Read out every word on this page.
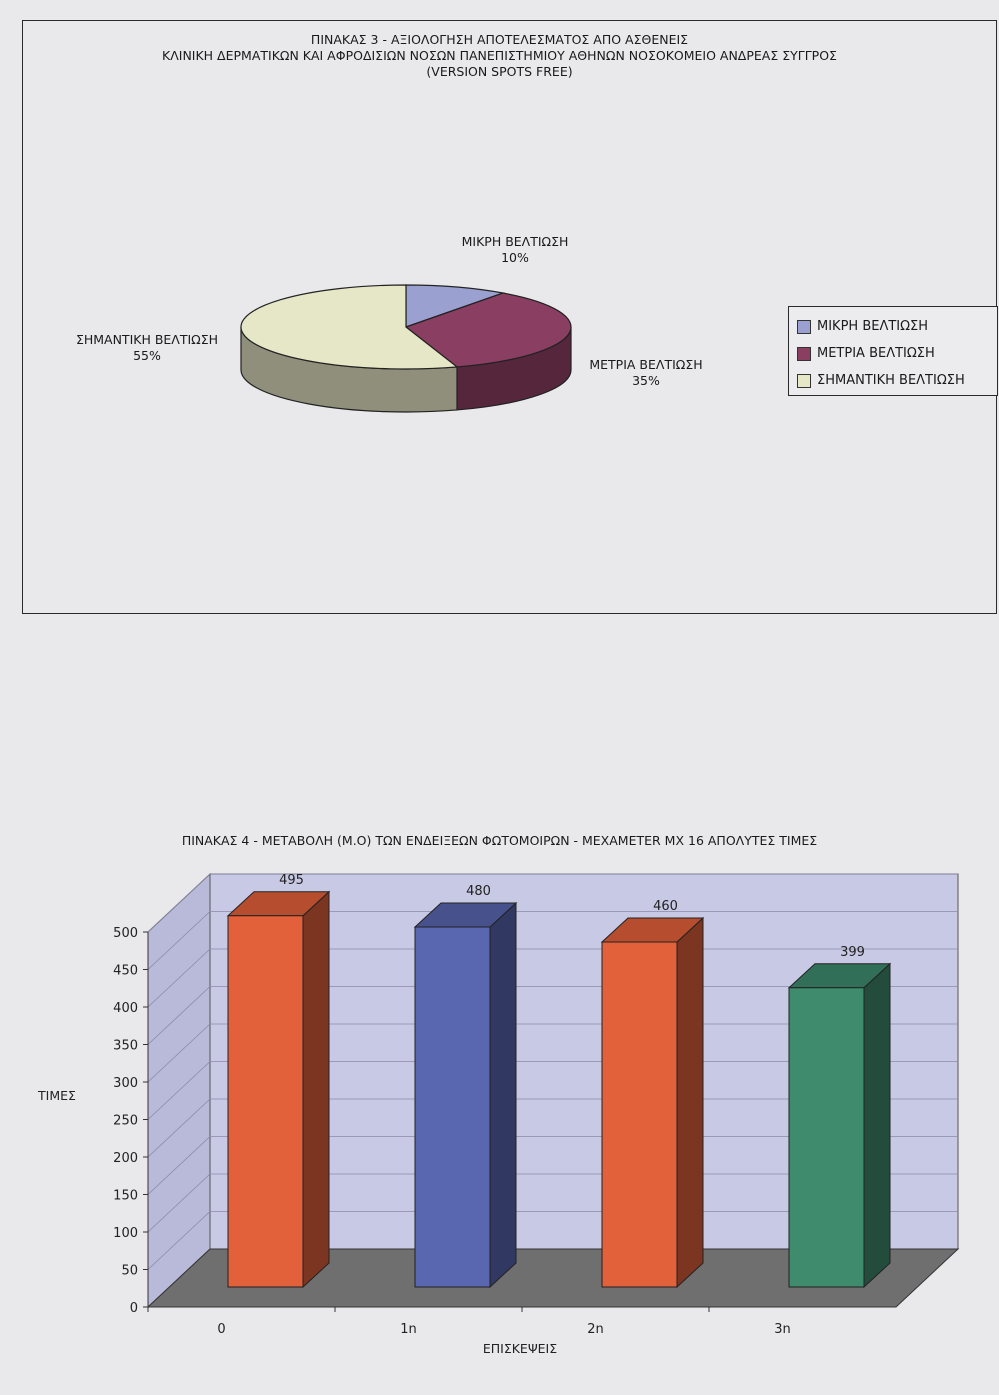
ΠΙΝΑΚΑΣ 3 - ΑΞΙΟΛΟΓΗΣΗ ΑΠΟΤΕΛΕΣΜΑΤΟΣ ΑΠΟ ΑΣΘΕΝΕΙΣ
ΚΛΙΝΙΚΗ ΔΕΡΜΑΤΙΚΩΝ ΚΑΙ ΑΦΡΟΔΙΣΙΩΝ ΝΟΣΩΝ ΠΑΝΕΠΙΣΤΗΜΙΟΥ ΑΘΗΝΩΝ ΝΟΣΟΚΟΜΕΙΟ ΑΝΔΡΕΑΣ ΣΥΓΓΡΟΣ
(VERSION SPOTS FREE)
ΜΙΚΡΗ ΒΕΛΤΙΩΣΗ
10%
ΜΕΤΡΙΑ ΒΕΛΤΙΩΣΗ
35%
ΣΗΜΑΝΤΙΚΗ ΒΕΛΤΙΩΣΗ
55%
ΜΙΚΡΗ ΒΕΛΤΙΩΣΗ
ΜΕΤΡΙΑ ΒΕΛΤΙΩΣΗ
ΣΗΜΑΝΤΙΚΗ ΒΕΛΤΙΩΣΗ
ΠΙΝΑΚΑΣ 4 - ΜΕΤΑΒΟΛΗ (Μ.Ο) ΤΩΝ ΕΝΔΕΙΞΕΩΝ ΦΩΤΟΜΟΙΡΩΝ - MEXAMETER MX 16 ΑΠΟΛΥΤΕΣ ΤΙΜΕΣ
0
50
100
150
200
250
300
350
400
450
500
495
0
480
1n
460
2n
399
3n
ΕΠΙΣΚΕΨΕΙΣ
ΤΙΜΕΣ
